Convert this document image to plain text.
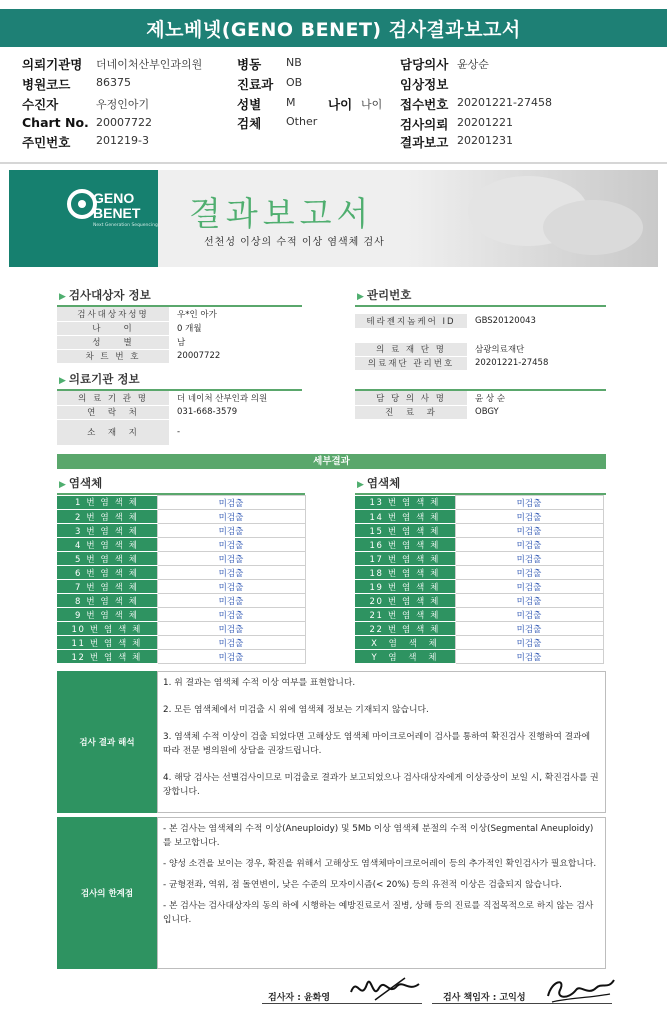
제노베넷(GENO BENET) 검사결과보고서
의뢰기관명 더네이처산부인과의원
병원코드 86375
수진자	우정인아기
Chart No. 20007722
주민번호 201219-3
병동 NB
진료과 OB
성별 M	나이 나이
검체 Other
담당의사 윤상순
임상정보
접수번호 20201221-27458
검사의뢰 20201221
결과보고 20201231
GENO
BENET
Next Generation Sequencing 결과보고서
선천성 이상의 수적 이상 염색체 검사
▶ 검사대상자 정보
검사대상자성명	우*인 아가
나　　이	0 개월
성　　별	남
차 트 번 호	20007722
▶ 관리번호
테라젠지놈케어 ID	GBS20120043

의 료 재 단 명	삼광의료재단
의료재단 관리번호	20201221-27458
▶ 의료기관 정보
의 료 기 관 명	더 네이처 산부인과 의원
연　락　처	031-668-3579
소　재　지	-
담 당 의 사 명	윤 상 순
진　료　과	OBGY
세부결과
▶ 염색체	▶ 염색체
1 번 염 색 체	미검출
2 번 염 색 체	미검출
3 번 염 색 체	미검출
4 번 염 색 체	미검출
5 번 염 색 체	미검출
6 번 염 색 체	미검출
7 번 염 색 체	미검출
8 번 염 색 체	미검출
9 번 염 색 체	미검출
10 번 염 색 체	미검출
11 번 염 색 체	미검출
12 번 염 색 체	미검출
13 번 염 색 체	미검출
14 번 염 색 체	미검출
15 번 염 색 체	미검출
16 번 염 색 체	미검출
17 번 염 색 체	미검출
18 번 염 색 체	미검출
19 번 염 색 체	미검출
20 번 염 색 체	미검출
21 번 염 색 체	미검출
22 번 염 색 체	미검출
X　염　색　체	미검출
Y　염　색　체	미검출
검사 결과 해석

1. 위 결과는 염색체 수적 이상 여부를 표현합니다.

2. 모든 염색체에서 미검출 시 위에 염색체 정보는 기재되지 않습니다.

3. 염색체 수적 이상이 검출 되었다면 고해상도 염색체 마이크로어레이 검사를 통하여 확진검사 진행하여 결과에 따라 전문 병의원에 상담을 권장드립니다.

4. 해당 검사는 선별검사이므로 미검출로 결과가 보고되었으나 검사대상자에게 이상증상이 보일 시, 확진검사를 권장합니다.

검사의 한계점

- 본 검사는 염색체의 수적 이상(Aneuploidy) 및 5Mb 이상 염색체 분절의 수적 이상(Segmental Aneuploidy)를 보고합니다.

- 양성 소견을 보이는 경우, 확진을 위해서 고해상도 염색체마이크로어레이 등의 추가적인 확인검사가 필요합니다.

- 균형전좌, 역위, 점 돌연변이, 낮은 수준의 모자이시즘(< 20%) 등의 유전적 이상은 검출되지 않습니다.

- 본 검사는 검사대상자의 동의 하에 시행하는 예방진료로서 질병, 상해 등의 진료를 직접목적으로 하지 않는 검사입니다.

검사자 : 윤화영	검사 책임자 : 고익성
